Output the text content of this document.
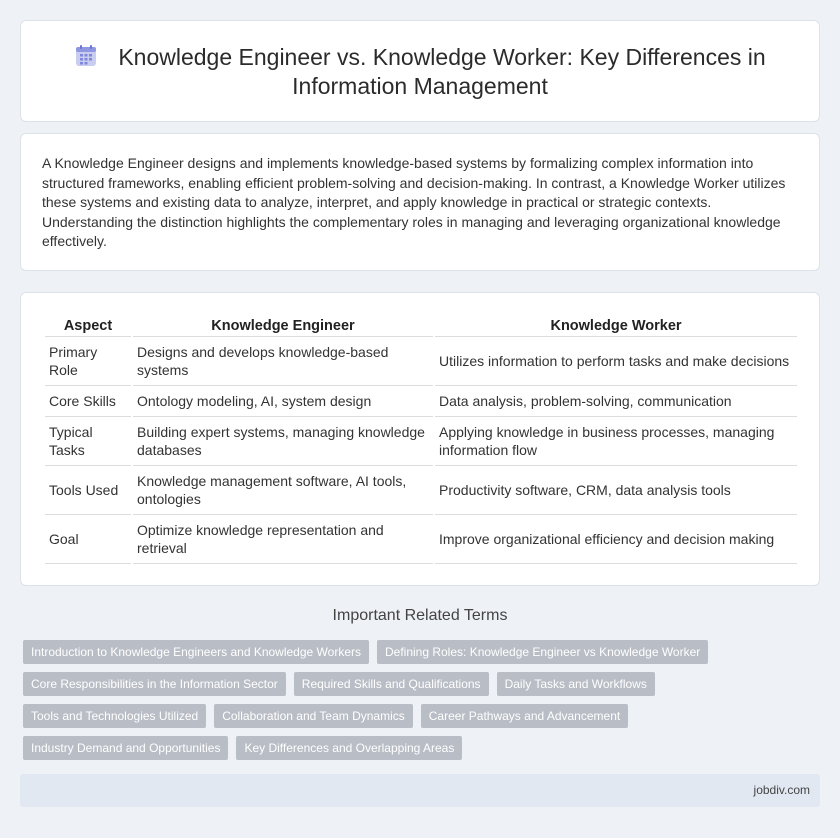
Knowledge Engineer vs. Knowledge Worker: Key Differences in Information Management

A Knowledge Engineer designs and implements knowledge-based systems by formalizing complex information into structured frameworks, enabling efficient problem-solving and decision-making. In contrast, a Knowledge Worker utilizes these systems and existing data to analyze, interpret, and apply knowledge in practical or strategic contexts. Understanding the distinction highlights the complementary roles in managing and leveraging organizational knowledge effectively.

Aspect	Knowledge Engineer	Knowledge Worker
Primary Role	Designs and develops knowledge-based systems	Utilizes information to perform tasks and make decisions
Core Skills	Ontology modeling, AI, system design	Data analysis, problem-solving, communication
Typical Tasks	Building expert systems, managing knowledge databases	Applying knowledge in business processes, managing information flow
Tools Used	Knowledge management software, AI tools, ontologies	Productivity software, CRM, data analysis tools
Goal	Optimize knowledge representation and retrieval	Improve organizational efficiency and decision making
Important Related Terms
Introduction to Knowledge Engineers and Knowledge Workers Defining Roles: Knowledge Engineer vs Knowledge Worker
Core Responsibilities in the Information Sector Required Skills and Qualifications Daily Tasks and Workflows
Tools and Technologies Utilized Collaboration and Team Dynamics Career Pathways and Advancement
Industry Demand and Opportunities Key Differences and Overlapping Areas
jobdiv.com
